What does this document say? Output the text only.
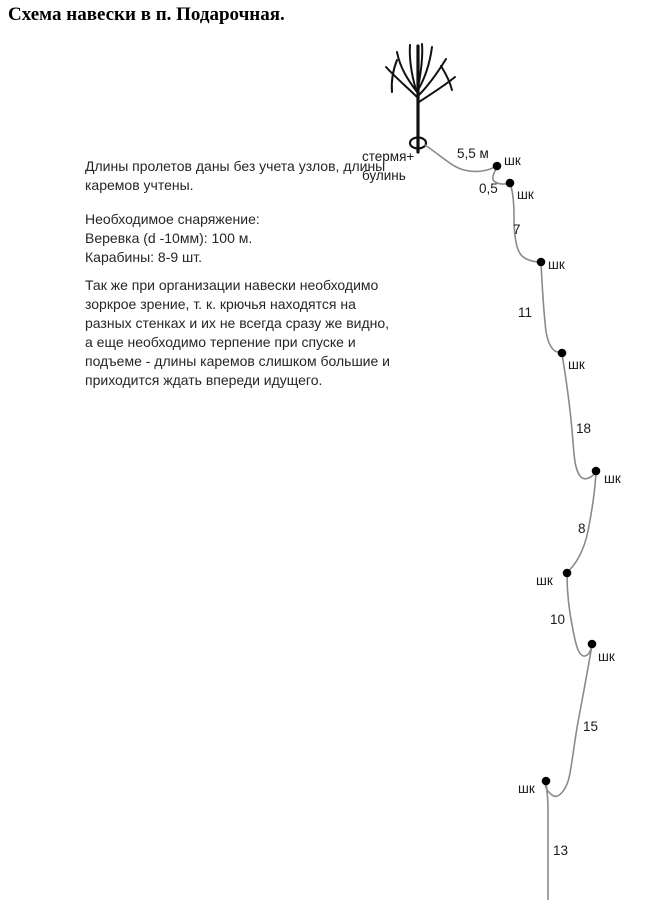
Схема навески в п. Подарочная.
Длины пролетов даны без учета узлов, длины
каремов учтены.
Необходимое снаряжение:
Веревка (d -10мм): 100 м.
Карабины: 8-9 шт.
Так же при организации навески необходимо
зоркрое зрение, т. к. крючья находятся на
разных стенках и их не всегда сразу же видно,
а еще необходимо терпение при спуске и
подъеме - длины каремов слишком большие и
приходится ждать впереди идущего.
стермя+
булинь
5,5 м
0,5
7
11
18
8
10
15
13
шк
шк
шк
шк
шк
шк
шк
шк
